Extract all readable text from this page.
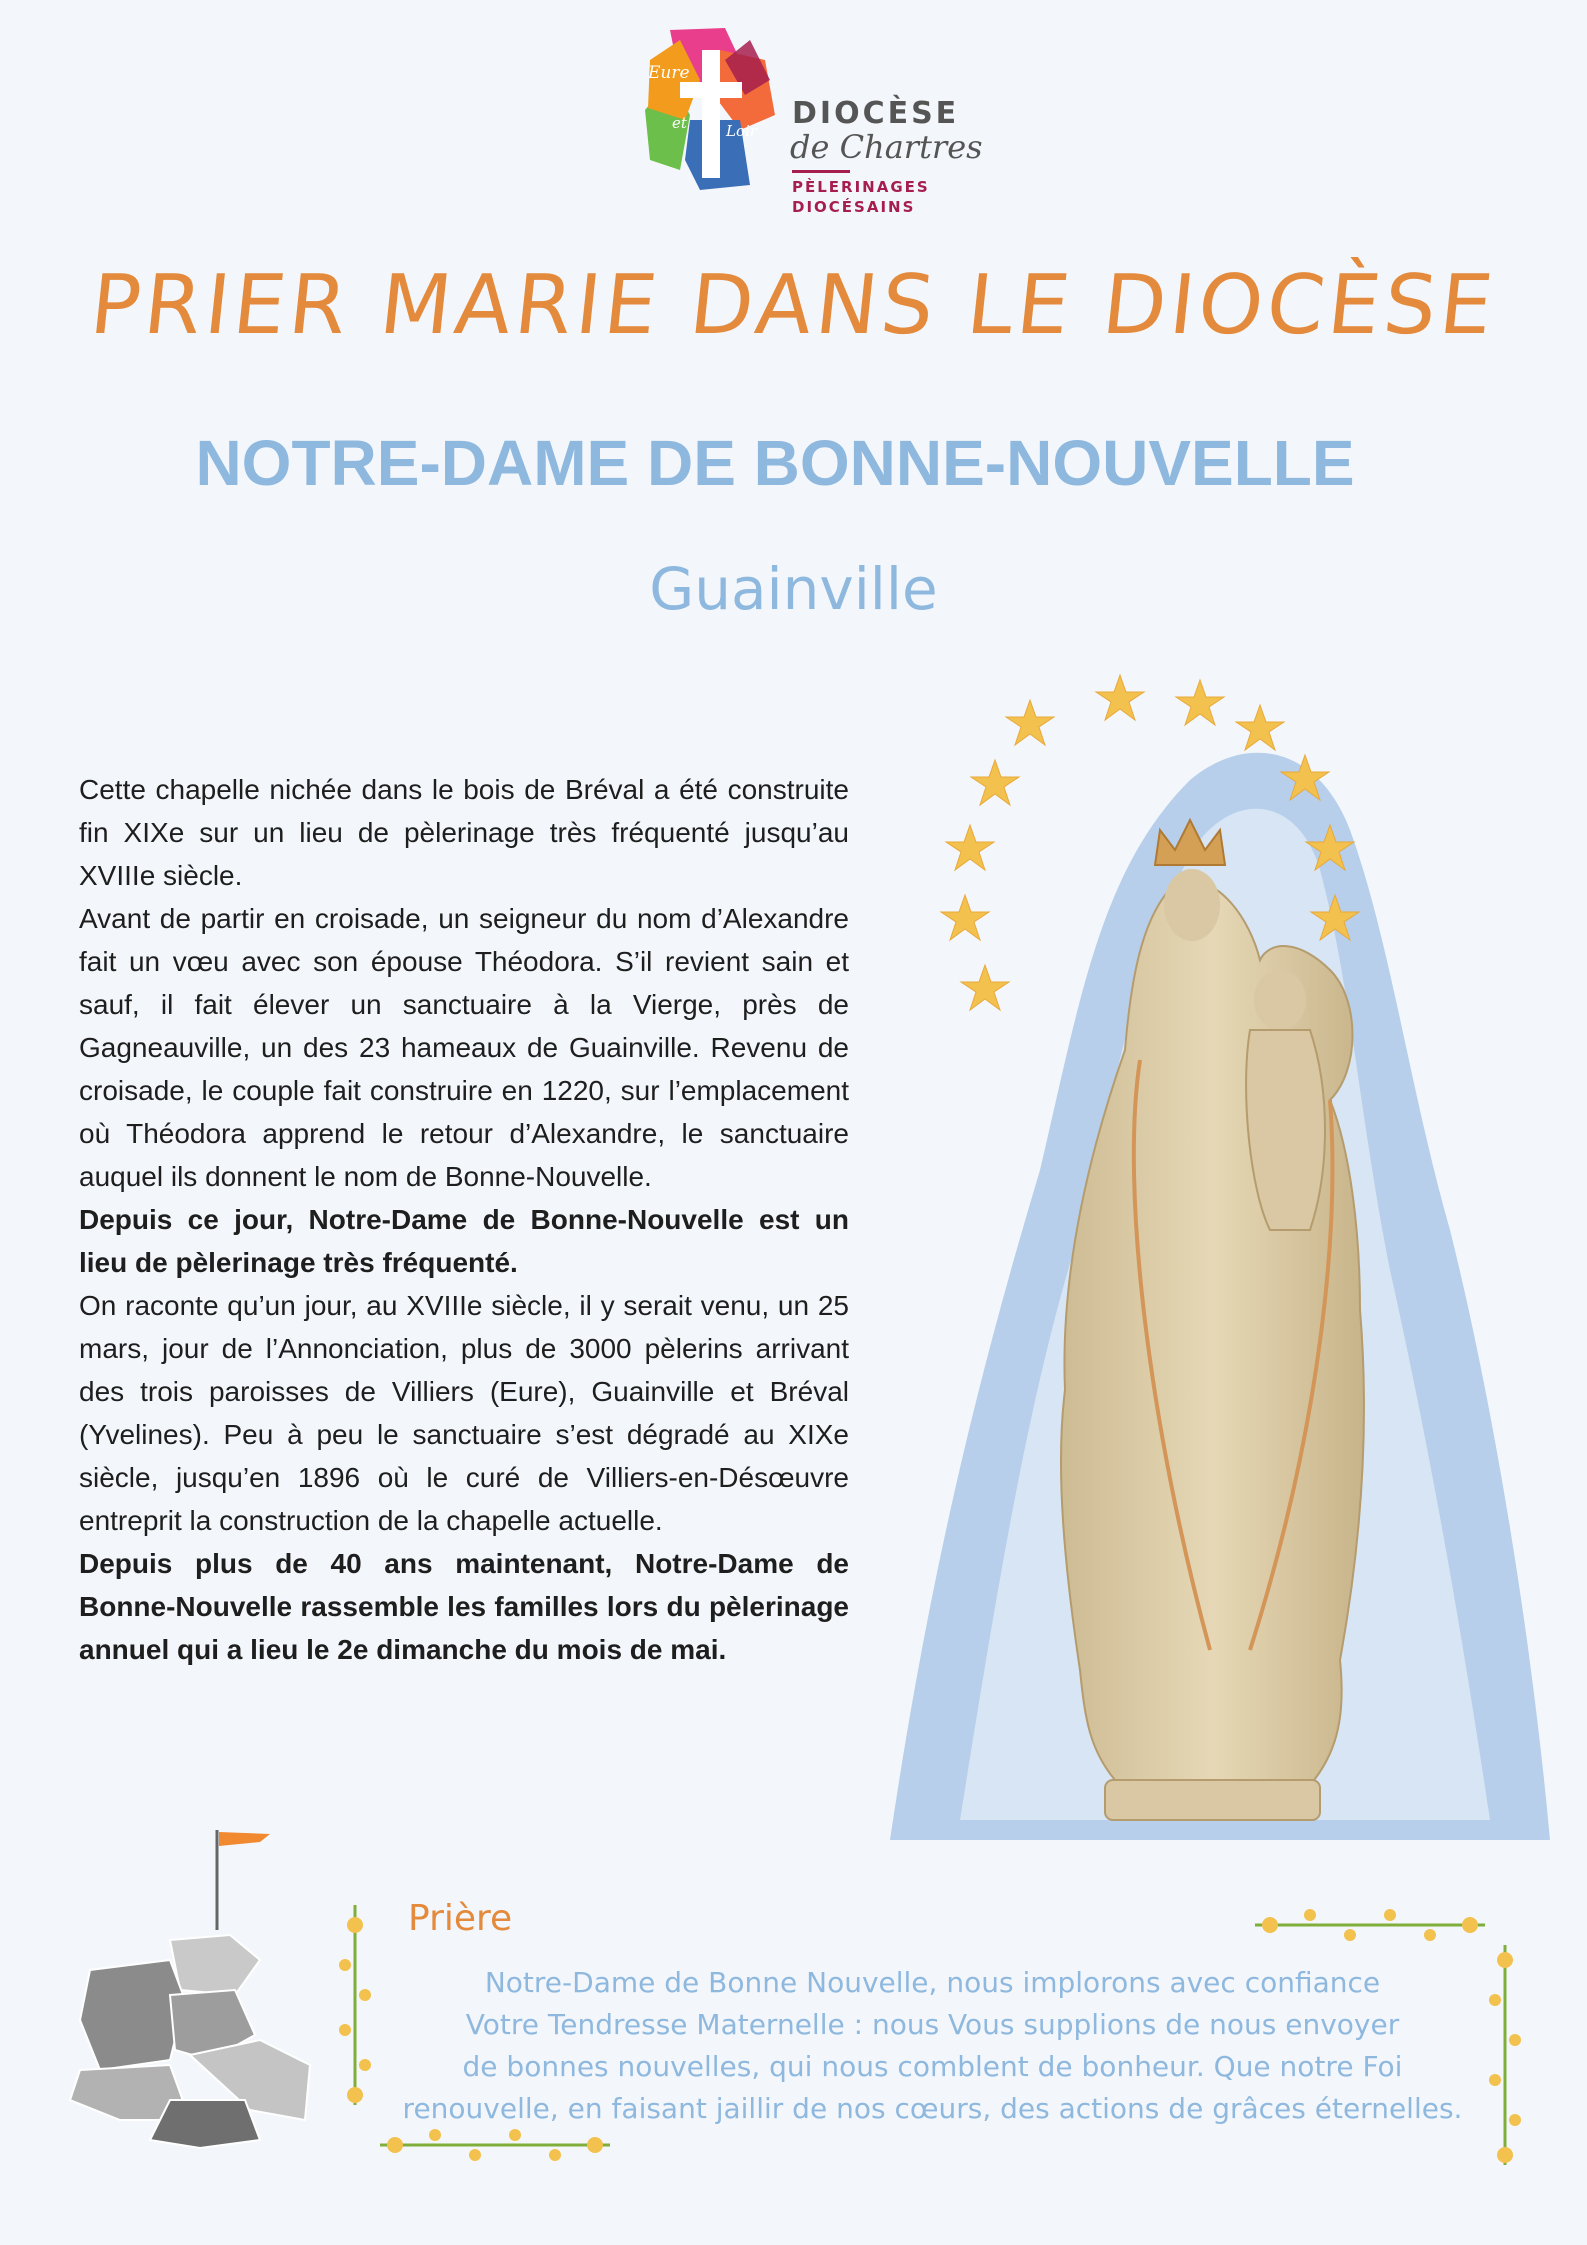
Eure
et	Loir DIOCÈSE
de Chartres
PÈLERINAGES
DIOCÉSAINS
PRIER MARIE DANS LE DIOCÈSE
NOTRE-DAME DE BONNE-NOUVELLE
Guainville

Cette chapelle nichée dans le bois de Bréval a été construite fin XIXe sur un lieu de pèlerinage très fréquenté jusqu’au XVIIIe siècle.

Avant de partir en croisade, un seigneur du nom d’Alexandre fait un vœu avec son épouse Théodora. S’il revient sain et sauf, il fait élever un sanctuaire à la Vierge, près de Gagneauville, un des 23 hameaux de Guainville. Revenu de croisade, le couple fait construire en 1220, sur l’emplacement où Théodora apprend le retour d’Alexandre, le sanctuaire auquel ils donnent le nom de Bonne-Nouvelle.

Depuis ce jour, Notre-Dame de Bonne-Nouvelle est un lieu de pèlerinage très fréquenté.

On raconte qu’un jour, au XVIIIe siècle, il y serait venu, un 25 mars, jour de l’Annonciation, plus de 3000 pèlerins arrivant des trois paroisses de Villiers (Eure), Guainville et Bréval (Yvelines). Peu à peu le sanctuaire s’est dégradé au XIXe siècle, jusqu’en 1896 où le curé de Villiers-en-Désœuvre entreprit la construction de la chapelle actuelle.

Depuis plus de 40 ans maintenant, Notre-Dame de Bonne-Nouvelle rassemble les familles lors du pèlerinage annuel qui a lieu le 2e dimanche du mois de mai.

Prière
Notre-Dame de Bonne Nouvelle, nous implorons avec confiance
Votre Tendresse Maternelle : nous Vous supplions de nous envoyer
de bonnes nouvelles, qui nous comblent de bonheur. Que notre Foi
renouvelle, en faisant jaillir de nos cœurs, des actions de grâces éternelles.
